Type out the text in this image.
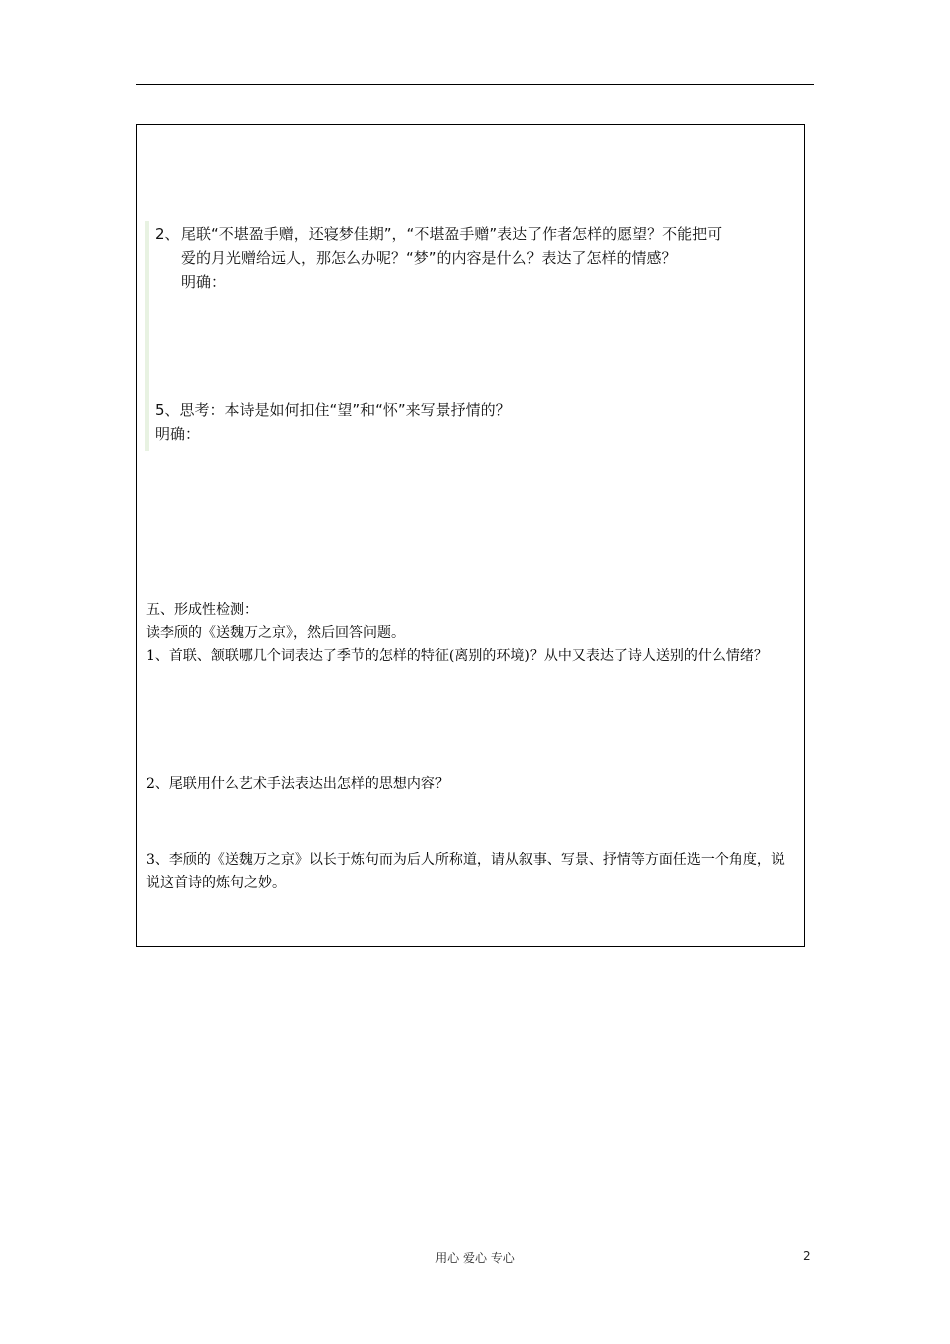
2、尾联“不堪盈手赠，还寝梦佳期”，“不堪盈手赠”表达了作者怎样的愿望？不能把可
爱的月光赠给远人，那怎么办呢？“梦”的内容是什么？表达了怎样的情感？
明确：
5、思考：本诗是如何扣住“望”和“怀”来写景抒情的？
明确：

五、形成性检测：

读李颀的《送魏万之京》，然后回答问题。

1、首联、颔联哪几个词表达了季节的怎样的特征(离别的环境)？从中又表达了诗人送别的什么情绪？

2、尾联用什么艺术手法表达出怎样的思想内容？

3、李颀的《送魏万之京》以长于炼句而为后人所称道，请从叙事、写景、抒情等方面任选一个角度，说说这首诗的炼句之妙。

用心 爱心 专心	2
